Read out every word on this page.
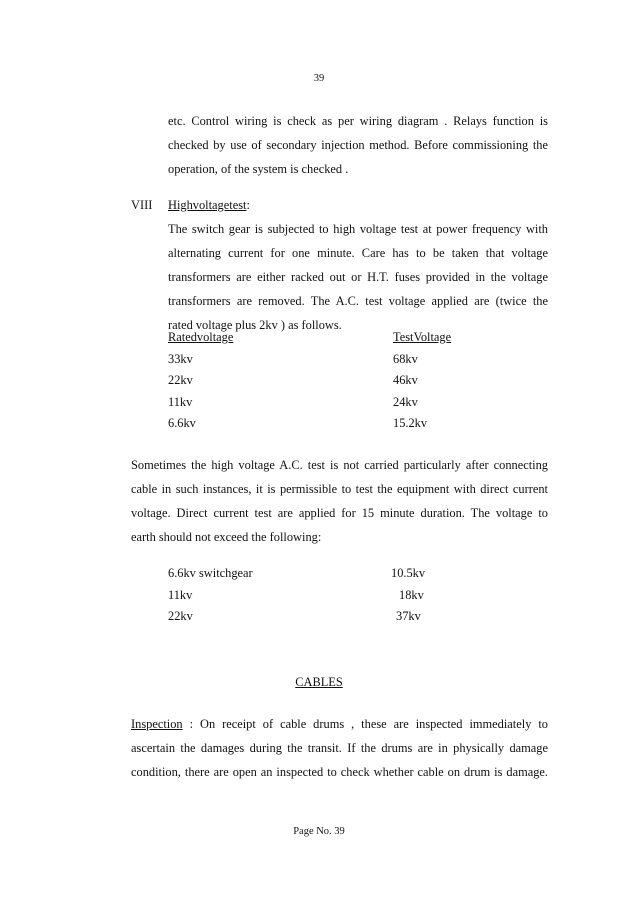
39
etc. Control wiring is check as per wiring diagram . Relays function is
checked by use of secondary injection method. Before commissioning the
operation, of the system is checked .
VIII Highvoltagetest:
The switch gear is subjected to high voltage test at power frequency with
alternating current for one minute. Care has to be taken that voltage
transformers are either racked out or H.T. fuses provided in the voltage
transformers are removed. The A.C. test voltage applied are (twice the
rated voltage plus 2kv ) as follows.
Ratedvoltage	TestVoltage
33kv	68kv
22kv	46kv
11kv	24kv
6.6kv	15.2kv
Sometimes the high voltage A.C. test is not carried particularly after connecting
cable in such instances, it is permissible to test the equipment with direct current
voltage. Direct current test are applied for 15 minute duration. The voltage to
earth should not exceed the following:
6.6kv switchgear	10.5kv
11kv	18kv
22kv	37kv
CABLES
Inspection : On receipt of cable drums , these are inspected immediately to
ascertain the damages during the transit. If the drums are in physically damage
condition, there are open an inspected to check whether cable on drum is damage.
Page No. 39
